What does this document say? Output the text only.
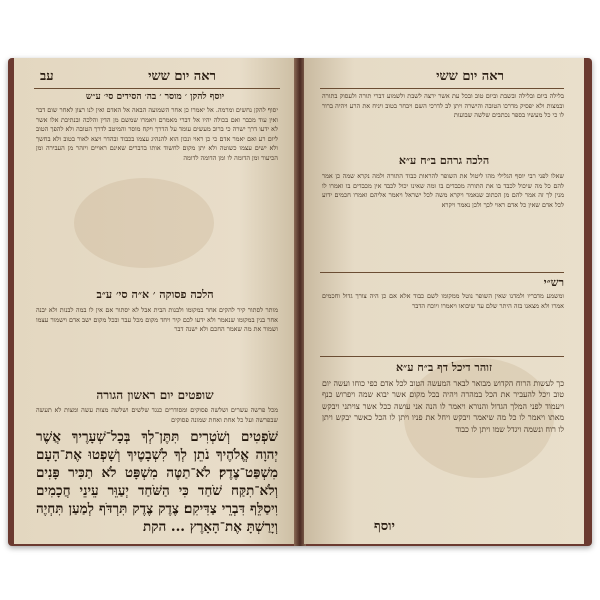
ראה יום ששי
עב
יוסף להקן ׳ מוסר ׳ בה׳ הסידים סי׳ ע״ש

יסוף להקן נחשים ומרמה. אל יאמרו כן אחר השמועה הבאה אל האדם ואין לנו רצון לאחר שום דבר ואין עוד מכבר ואם בכולה יהיו אל דברי מאמרם ויאמרו שמשם מן הדין והלכה ובנתיבת אלו אשר לא ידעו דרך ישרה כי ברוב מעשים עומד על הדרך ויקח מוסר והמיטב לדרך הטובה ולא להפך הטוב ליום רע ואם יאמר אדם כי כן ראוי ונכון הוא להנהיג עצמו בכבוד ובהדר ויצא לאור בטוב ולא בחשך ולא ישים עצמו כשוטה ולא יתן מקום לחשוד אותו בדברים שאינם ראויים ויזהר מן העבירה ומן הכיעור ומן הדומה לו ומן הדומה לדומה

הלכה פסוקה ׳ א״ה סי׳ ע״ב

מותר לסתור קיר להקים אחר במקומו ולבנות הבית אבל לא יסתור אם אין לו במה לבנות ולא יבנה אחר בנין במקומו שנאמר ולא ידעו לכם קיר ויחד מקום מכל עבר ובכל מקום ישב אדם וישמור עצמו ושמור את מה שאמר החכם ולא ישנה דבר

שופטים יום ראשון הגורה

מכל פרשה עשרים ושלשה פסוקים ומסודרים כנגד שלשים ושלשה מצות עשה ומצות לא תעשה שבפרשה ועל כל אחת ואחת שמונה פסוקים

שֹׁפְטִים וְשֹׁטְרִים תִּתֶּן־לְךָ בְּכָל־שְׁעָרֶיךָ אֲשֶׁר יְהוָה אֱלֹהֶיךָ נֹתֵן לְךָ לִשְׁבָטֶיךָ וְשָׁפְטוּ אֶת־הָעָם מִשְׁפַּט־צֶדֶק׃ לֹא־תַטֶּה מִשְׁפָּט לֹא תַכִּיר פָּנִים וְלֹא־תִקַּח שֹׁחַד כִּי הַשֹּׁחַד יְעַוֵּר עֵינֵי חֲכָמִים וִיסַלֵּף דִּבְרֵי צַדִּיקִם׃ צֶדֶק צֶדֶק תִּרְדֹּף לְמַעַן תִּחְיֶה וְיָרַשְׁתָּ אֶת־הָאָרֶץ ... הקת
ראה יום ששי

בלילה ביום ובלילה ובשבת וביום טוב ובכל עת אשר ירצה לשבת ולשמוע דברי תורה ולעסוק בתורה ובמצות ולא יפסיק מדרכו הטובה והישרה ויתן לב לדרכי השם ויבחר בטוב ויניח את הרע ויהיה ברור לו כי כל מעשיו בספר נכתבים שלשה שבועות

הלכה גרהם ב״ח ע״א

שאלו לפני רבי יוסף הגלילי מהו ליטול את השופר להראות כבוד התורה ולמה נקרא שמה כן אמר להם כל מה שיכול לכבד בו את התורה מכבדים בו ומה שאינו יכול לכבד אין מכבדים בו ואמרו לו מנין לך זה אמר להם מן הכתוב שנאמר ויקרא משה לכל ישראל ויאמר אליהם ואמרו חכמים ידוע לכל אדם שאין כל אדם ראוי לכך ולכן נאמר ויקרא

רש״י

ומשמע מדבריו ולמדנו שאין השופר נוטל ממקומו לשם כבוד אלא אם כן היה צורך גדול וחכמים אמרו ולא מצאנו בזה היתר שלם עד שיבואו ויאמרו ויוכח הדבר

זוהר דיכל דף ב״ח ע״א

כך לעשות הרוח הקדוש מבואר לבאר המעשה הטוב לכל אדם כפי כוחו ועשה יום טוב ויכל להעביר את הכל במהרה ויהיה בכל מקום אשר יבוא שמה ויפרוש כנף ויעמוד לפני המלך הגדול והנורא ויאמר לו הנה אני עושה ככל אשר צויתני ויבקש מאתו ויאמר לו כל מה שיאמר ויבקש ויחל את פניו ויתן לו הכל כאשר יבקש ויתן לו רוח ונשמה ויגדל שמו ויתן לו כבוד

יוסף
